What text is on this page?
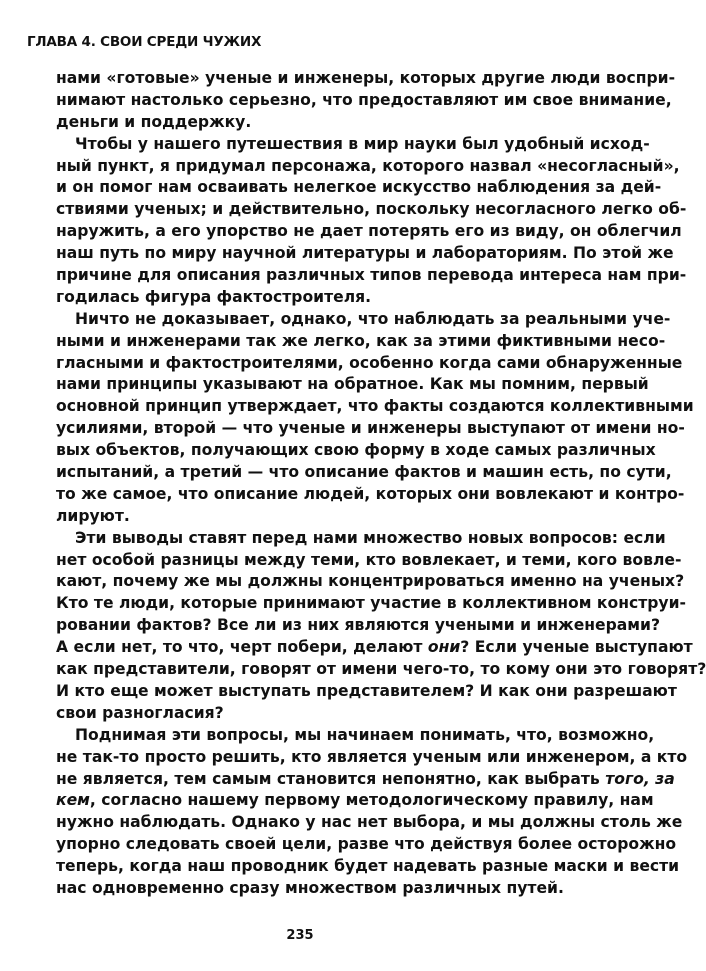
ГЛАВА 4. СВОИ СРЕДИ ЧУЖИХ
нами «готовые» ученые и инженеры, которых другие люди воспри-
нимают настолько серьезно, что предоставляют им свое внимание,
деньги и поддержку.
Чтобы у нашего путешествия в мир науки был удобный исход-
ный пункт, я придумал персонажа, которого назвал «несогласный»,
и он помог нам осваивать нелегкое искусство наблюдения за дей-
ствиями ученых; и действительно, поскольку несогласного легко об-
наружить, а его упорство не дает потерять его из виду, он облегчил
наш путь по миру научной литературы и лабораториям. По этой же
причине для описания различных типов перевода интереса нам при-
годилась фигура фактостроителя.
Ничто не доказывает, однако, что наблюдать за реальными уче-
ными и инженерами так же легко, как за этими фиктивными несо-
гласными и фактостроителями, особенно когда сами обнаруженные
нами принципы указывают на обратное. Как мы помним, первый
основной принцип утверждает, что факты создаются коллективными
усилиями, второй — что ученые и инженеры выступают от имени но-
вых объектов, получающих свою форму в ходе самых различных
испытаний, а третий — что описание фактов и машин есть, по сути,
то же самое, что описание людей, которых они вовлекают и контро-
лируют.
Эти выводы ставят перед нами множество новых вопросов: если
нет особой разницы между теми, кто вовлекает, и теми, кого вовле-
кают, почему же мы должны концентрироваться именно на ученых?
Кто те люди, которые принимают участие в коллективном конструи-
ровании фактов? Все ли из них являются учеными и инженерами?
А если нет, то что, черт побери, делают они? Если ученые выступают
как представители, говорят от имени чего-то, то кому они это говорят?
И кто еще может выступать представителем? И как они разрешают
свои разногласия?
Поднимая эти вопросы, мы начинаем понимать, что, возможно,
не так-то просто решить, кто является ученым или инженером, а кто
не является, тем самым становится непонятно, как выбрать того, за
кем, согласно нашему первому методологическому правилу, нам
нужно наблюдать. Однако у нас нет выбора, и мы должны столь же
упорно следовать своей цели, разве что действуя более осторожно
теперь, когда наш проводник будет надевать разные маски и вести
нас одновременно сразу множеством различных путей.
235
